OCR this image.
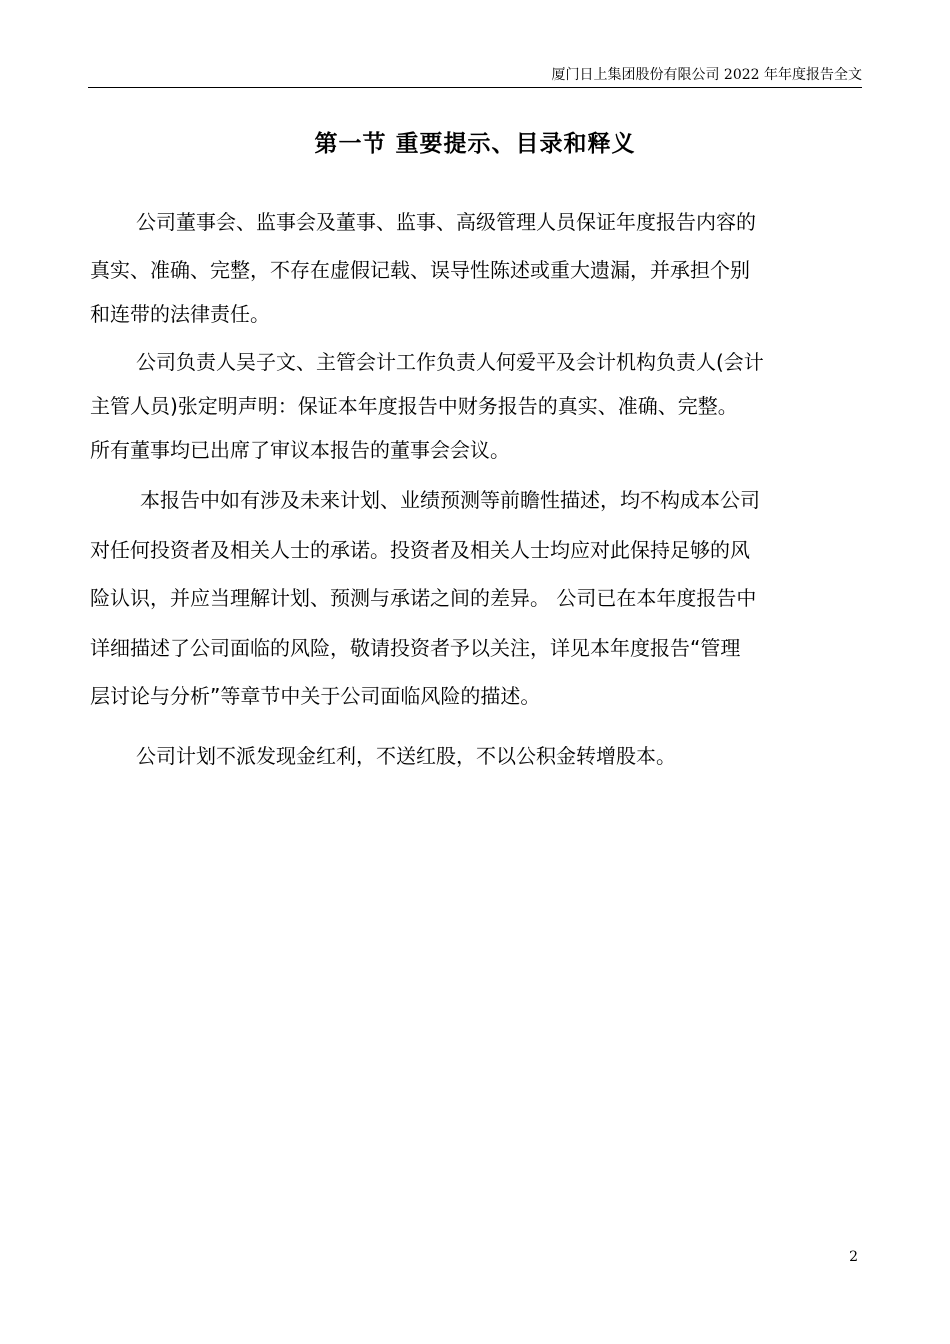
厦门日上集团股份有限公司 2022 年年度报告全文
第一节 重要提示、目录和释义
公司董事会、监事会及董事、监事、高级管理人员保证年度报告内容的
真实、准确、完整，不存在虚假记载、误导性陈述或重大遗漏，并承担个别
和连带的法律责任。
公司负责人吴子文、主管会计工作负责人何爱平及会计机构负责人(会计
主管人员)张定明声明：保证本年度报告中财务报告的真实、准确、完整。
所有董事均已出席了审议本报告的董事会会议。
本报告中如有涉及未来计划、业绩预测等前瞻性描述，均不构成本公司
对任何投资者及相关人士的承诺。投资者及相关人士均应对此保持足够的风
险认识，并应当理解计划、预测与承诺之间的差异。 公司已在本年度报告中
详细描述了公司面临的风险，敬请投资者予以关注，详见本年度报告“管理
层讨论与分析”等章节中关于公司面临风险的描述。
公司计划不派发现金红利，不送红股，不以公积金转增股本。
2
